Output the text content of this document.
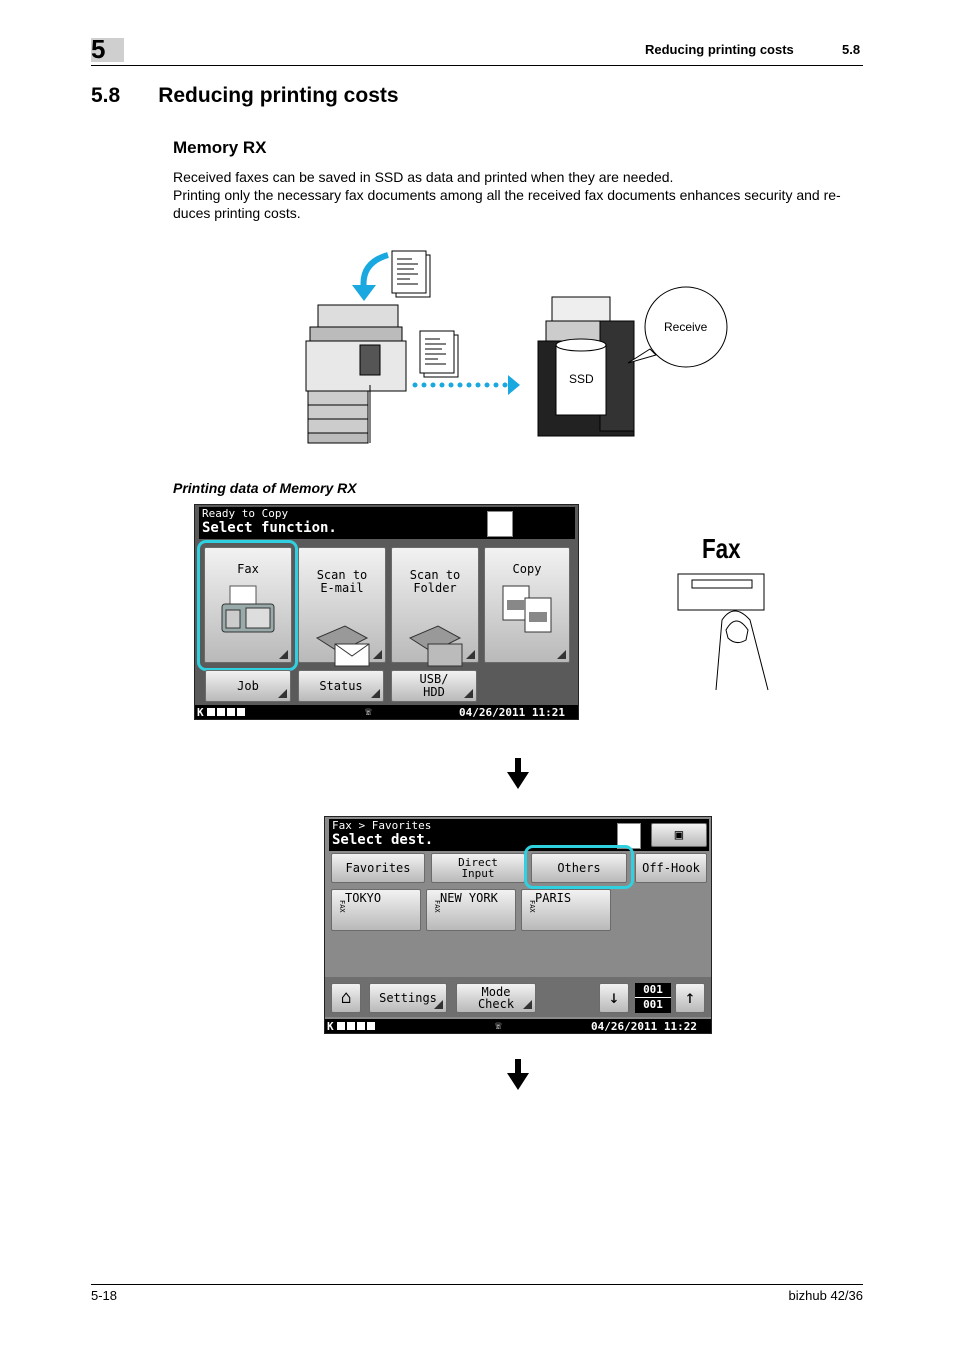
5	Reducing printing costs	5.8
5.8 Reducing printing costs
Memory RX
Received faxes can be saved in SSD as data and printed when they are needed.
Printing only the necessary fax documents among all the received fax documents enhances security and re-duces printing costs.
Receive
SSD
Printing data of Memory RX
Ready to Copy
Select function.	?
Fax	Scan to
E-mail

Scan to
Folder

Copy
Job	Status	USB/
HDD
K	☏	04/26/2011 11:21
Fax
Fax > Favorites
Select dest.	?	▣
Favorites	Direct
Input	Others	Off-Hook
TOKYO
FAX
NEW YORK
FAX
PARIS
FAX
⌂	Settings	Mode
Check	↓	001
001	↑
K	☏	04/26/2011 11:22
5-18	bizhub 42/36
